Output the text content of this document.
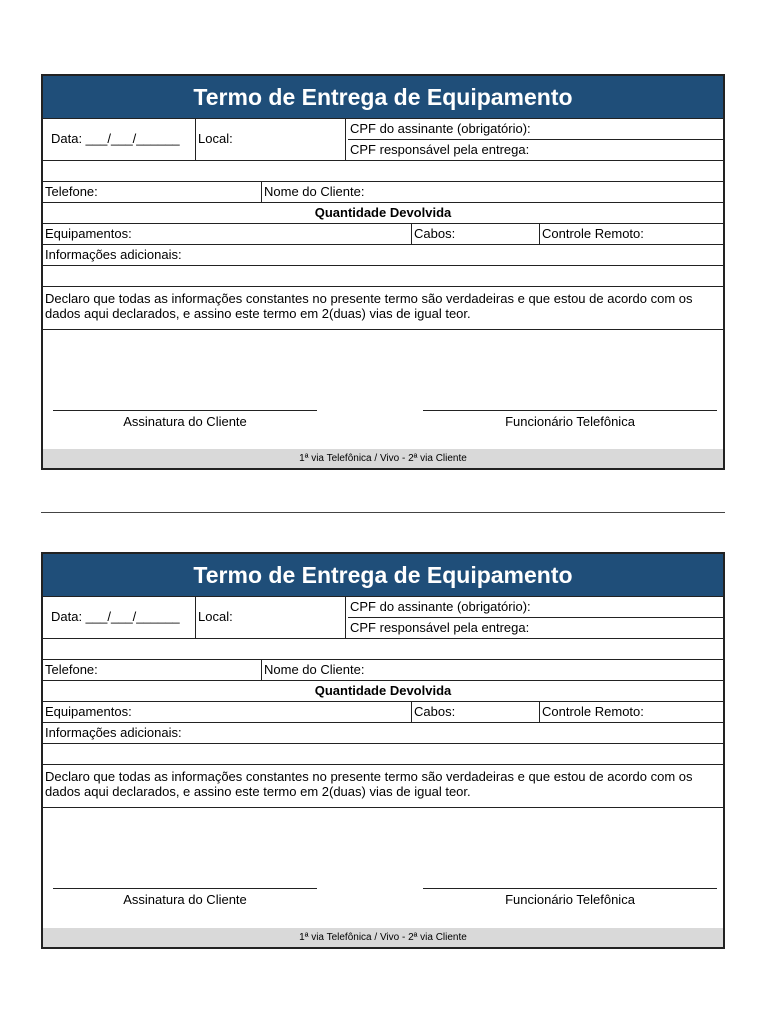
Termo de Entrega de Equipamento
Data: ___/___/______	Local:
CPF do assinante (obrigatório):
CPF responsável pela entrega:
Telefone:	Nome do Cliente:
Quantidade Devolvida
Equipamentos:	Cabos:	Controle Remoto:
Informações adicionais:
Declaro que todas as informações constantes no presente termo são verdadeiras e que estou de acordo com os dados aqui declarados, e assino este termo em 2(duas) vias de igual teor.
Assinatura do Cliente	Funcionário Telefônica
1ª via Telefônica / Vivo - 2ª via Cliente
Termo de Entrega de Equipamento
Data: ___/___/______	Local:
CPF do assinante (obrigatório):
CPF responsável pela entrega:
Telefone:	Nome do Cliente:
Quantidade Devolvida
Equipamentos:	Cabos:	Controle Remoto:
Informações adicionais:
Declaro que todas as informações constantes no presente termo são verdadeiras e que estou de acordo com os dados aqui declarados, e assino este termo em 2(duas) vias de igual teor.
Assinatura do Cliente	Funcionário Telefônica
1ª via Telefônica / Vivo - 2ª via Cliente
